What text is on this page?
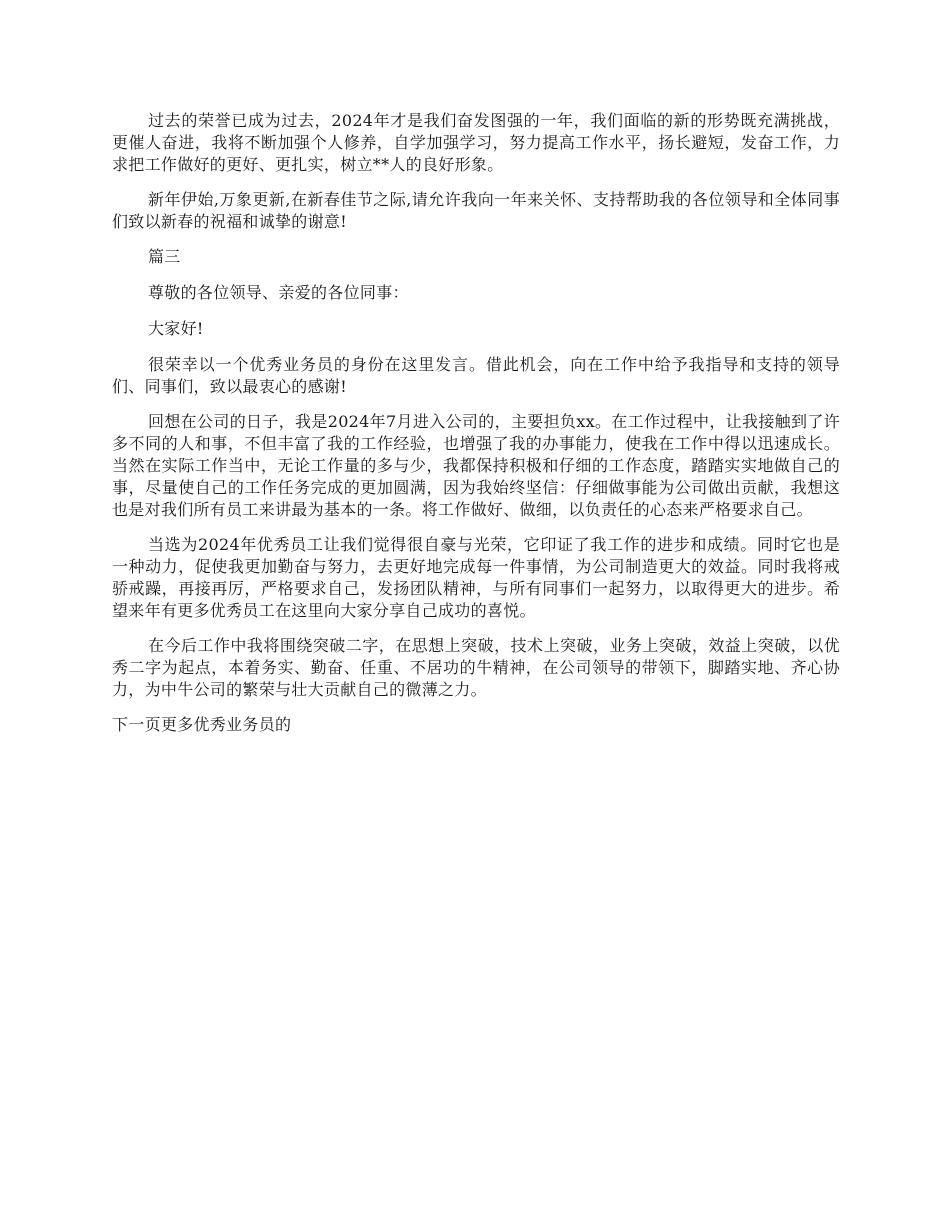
过去的荣誉已成为过去，2024年才是我们奋发图强的一年，我们面临的新的形势既充满挑战，更催人奋进，我将不断加强个人修养，自学加强学习，努力提高工作水平，扬长避短，发奋工作，力求把工作做好的更好、更扎实，树立**人的良好形象。

新年伊始,万象更新,在新春佳节之际,请允许我向一年来关怀、支持帮助我的各位领导和全体同事们致以新春的祝福和诚挚的谢意!

篇三

尊敬的各位领导、亲爱的各位同事：

大家好!

很荣幸以一个优秀业务员的身份在这里发言。借此机会，向在工作中给予我指导和支持的领导们、同事们，致以最衷心的感谢!

回想在公司的日子，我是2024年7月进入公司的，主要担负xx。在工作过程中，让我接触到了许多不同的人和事，不但丰富了我的工作经验，也增强了我的办事能力，使我在工作中得以迅速成长。当然在实际工作当中，无论工作量的多与少，我都保持积极和仔细的工作态度，踏踏实实地做自己的事，尽量使自己的工作任务完成的更加圆满，因为我始终坚信：仔细做事能为公司做出贡献，我想这也是对我们所有员工来讲最为基本的一条。将工作做好、做细，以负责任的心态来严格要求自己。

当选为2024年优秀员工让我们觉得很自豪与光荣，它印证了我工作的进步和成绩。同时它也是一种动力，促使我更加勤奋与努力，去更好地完成每一件事情，为公司制造更大的效益。同时我将戒骄戒躁，再接再厉，严格要求自己，发扬团队精神，与所有同事们一起努力，以取得更大的进步。希望来年有更多优秀员工在这里向大家分享自己成功的喜悦。

在今后工作中我将围绕突破二字，在思想上突破，技术上突破，业务上突破，效益上突破，以优秀二字为起点，本着务实、勤奋、任重、不居功的牛精神，在公司领导的带领下，脚踏实地、齐心协力，为中牛公司的繁荣与壮大贡献自己的微薄之力。

下一页更多优秀业务员的
